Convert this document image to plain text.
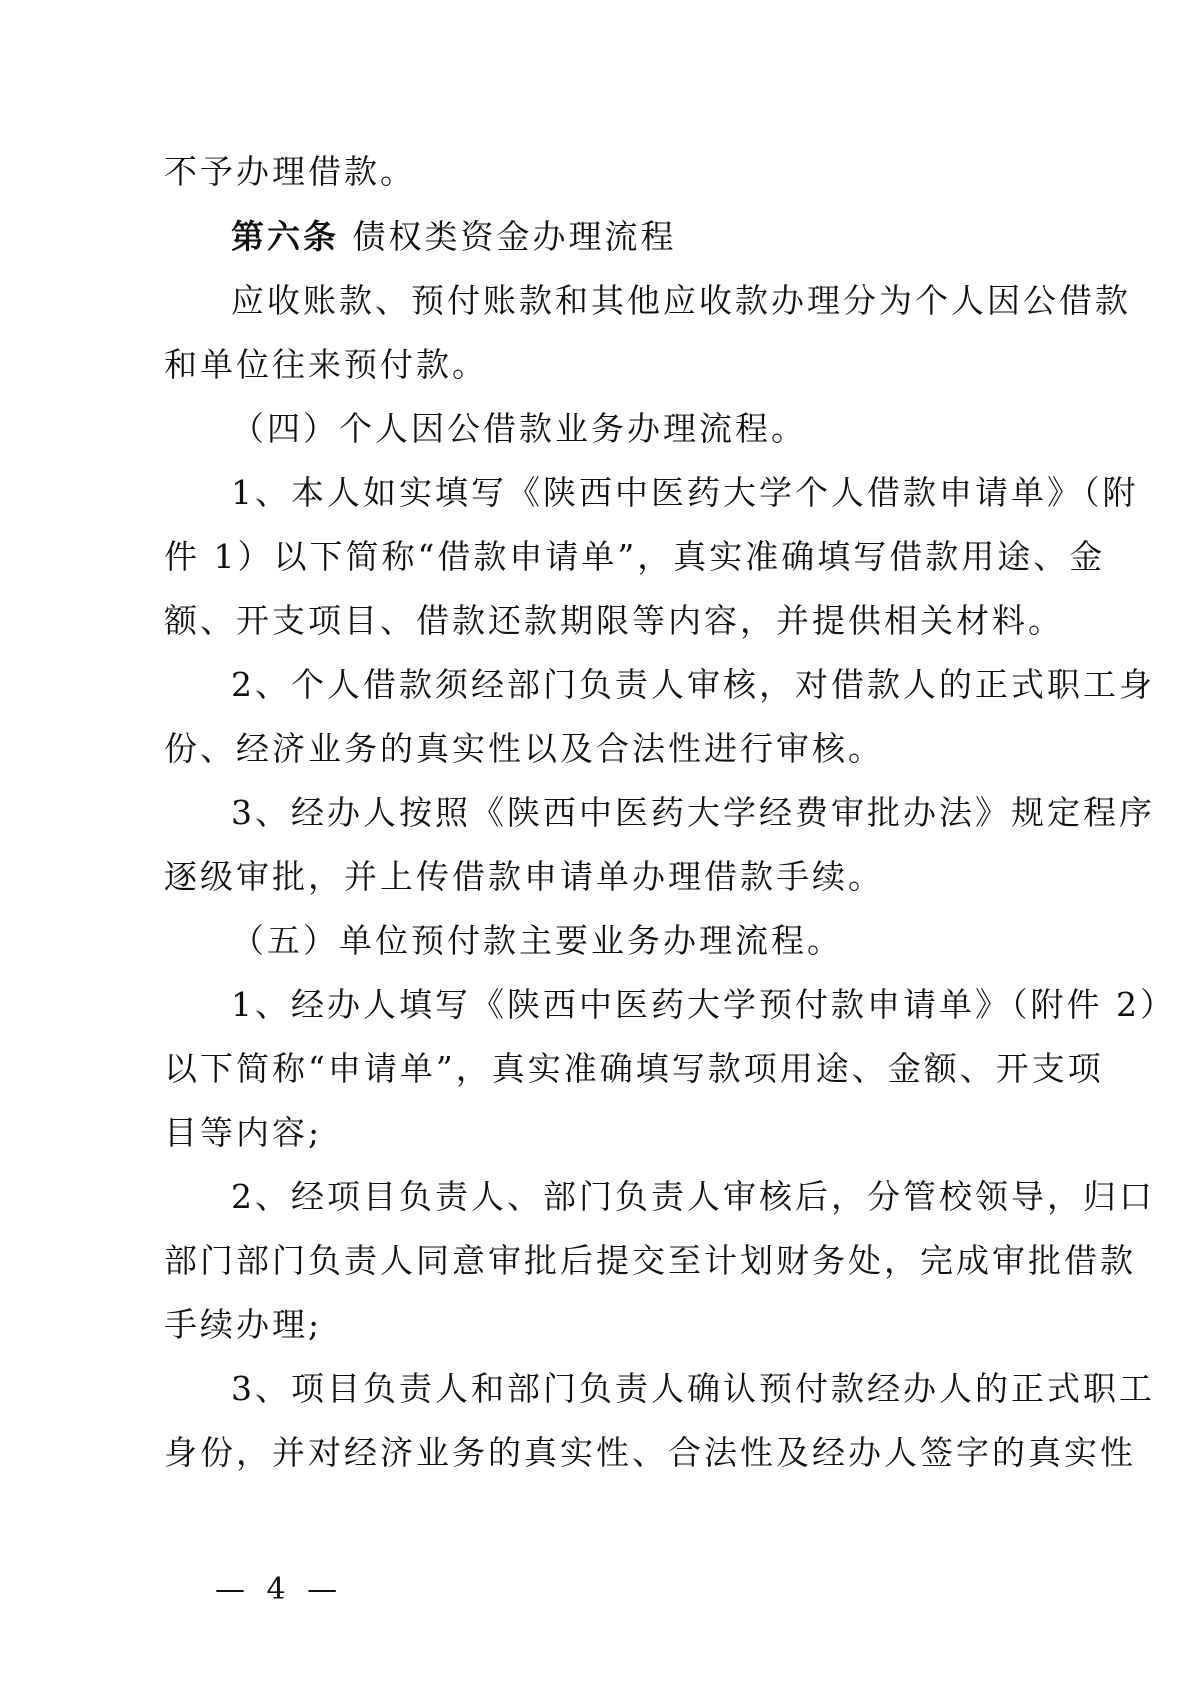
不予办理借款。
第六条 债权类资金办理流程
应收账款、预付账款和其他应收款办理分为个人因公借款
和单位往来预付款。
（四）个人因公借款业务办理流程。
1、本人如实填写《陕西中医药大学个人借款申请单》（附
件 1）以下简称“借款申请单”，真实准确填写借款用途、金
额、开支项目、借款还款期限等内容，并提供相关材料。
2、个人借款须经部门负责人审核，对借款人的正式职工身
份、经济业务的真实性以及合法性进行审核。
3、经办人按照《陕西中医药大学经费审批办法》规定程序
逐级审批，并上传借款申请单办理借款手续。
（五）单位预付款主要业务办理流程。
1、经办人填写《陕西中医药大学预付款申请单》（附件 2）
以下简称“申请单”，真实准确填写款项用途、金额、开支项
目等内容;
2、经项目负责人、部门负责人审核后，分管校领导，归口
部门部门负责人同意审批后提交至计划财务处，完成审批借款
手续办理;
3、项目负责人和部门负责人确认预付款经办人的正式职工
身份，并对经济业务的真实性、合法性及经办人签字的真实性
— 4 —
